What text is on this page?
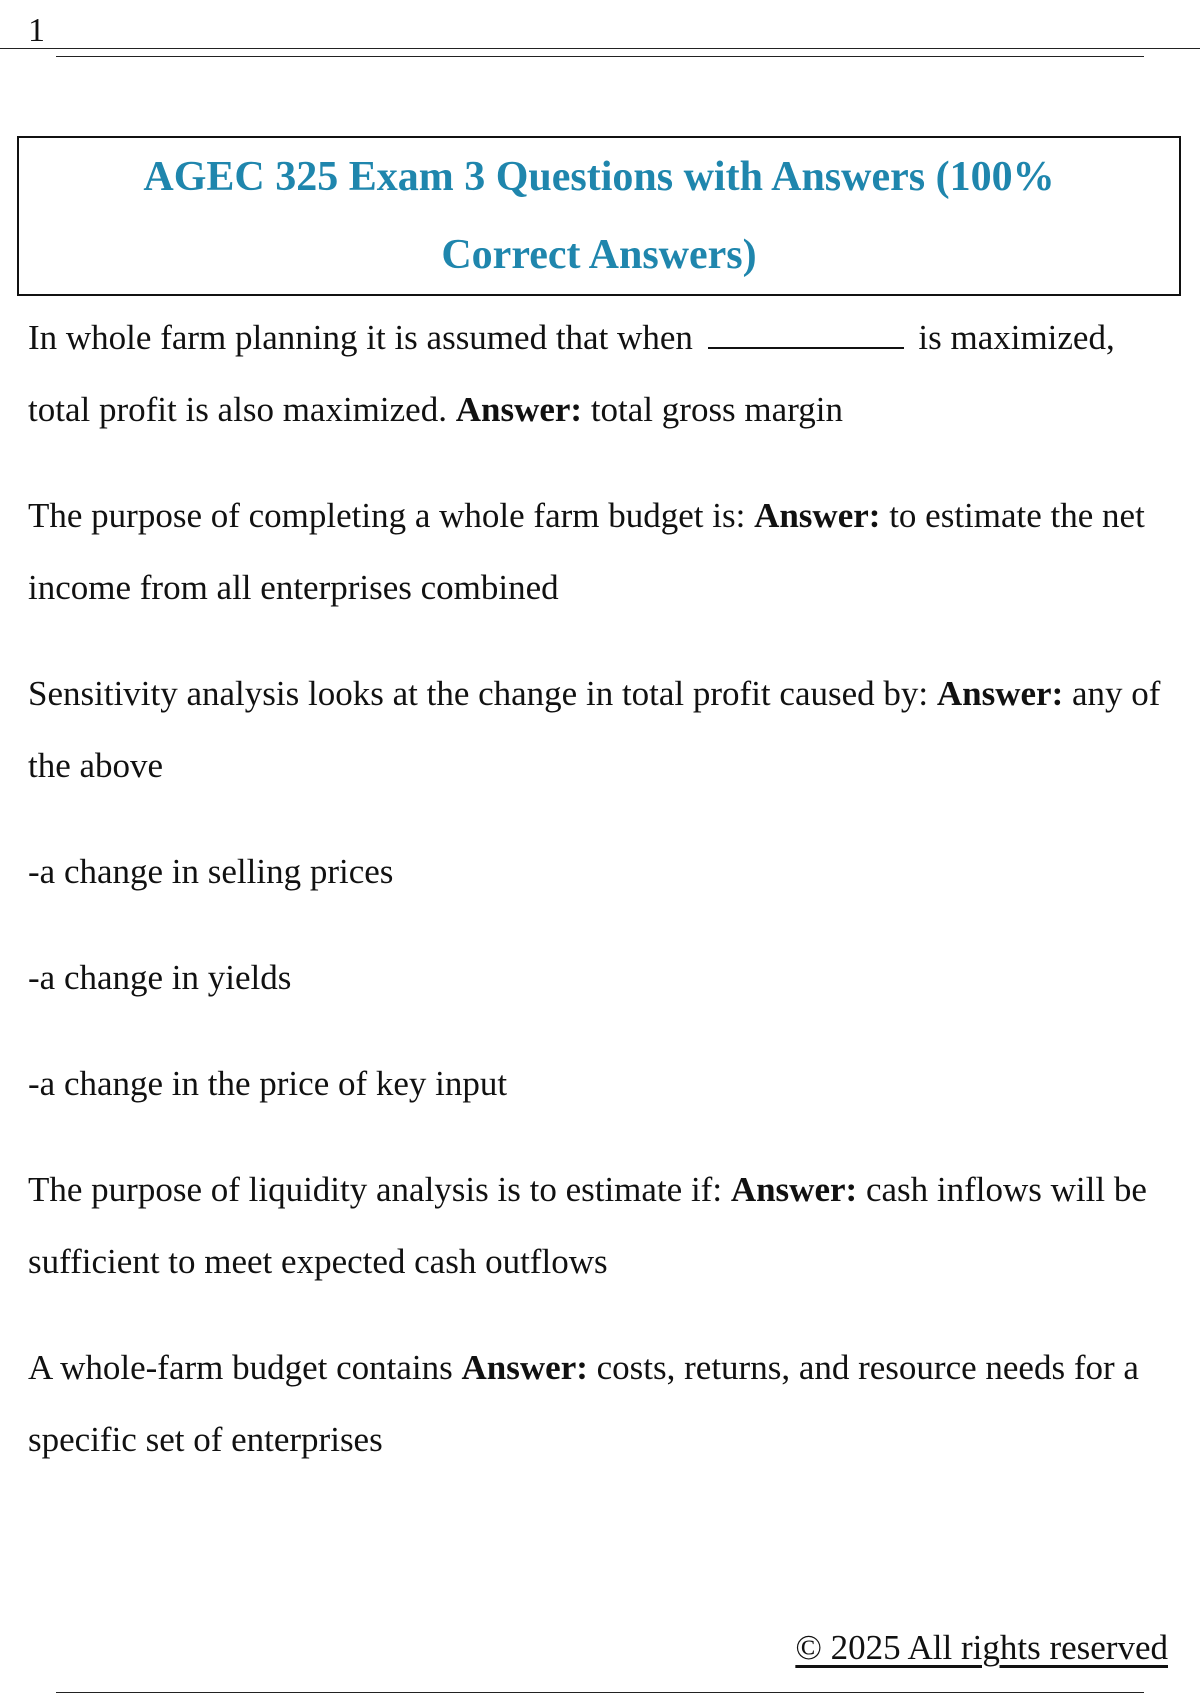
1
AGEC 325 Exam 3 Questions with Answers (100% Correct Answers)

In whole farm planning it is assumed that when	is maximized, total profit is also maximized. Answer: total gross margin

The purpose of completing a whole farm budget is: Answer: to estimate the net income from all enterprises combined

Sensitivity analysis looks at the change in total profit caused by: Answer: any of the above

-a change in selling prices

-a change in yields

-a change in the price of key input

The purpose of liquidity analysis is to estimate if: Answer: cash inflows will be sufficient to meet expected cash outflows

A whole-farm budget contains Answer: costs, returns, and resource needs for a specific set of enterprises

© 2025 All rights reserved
